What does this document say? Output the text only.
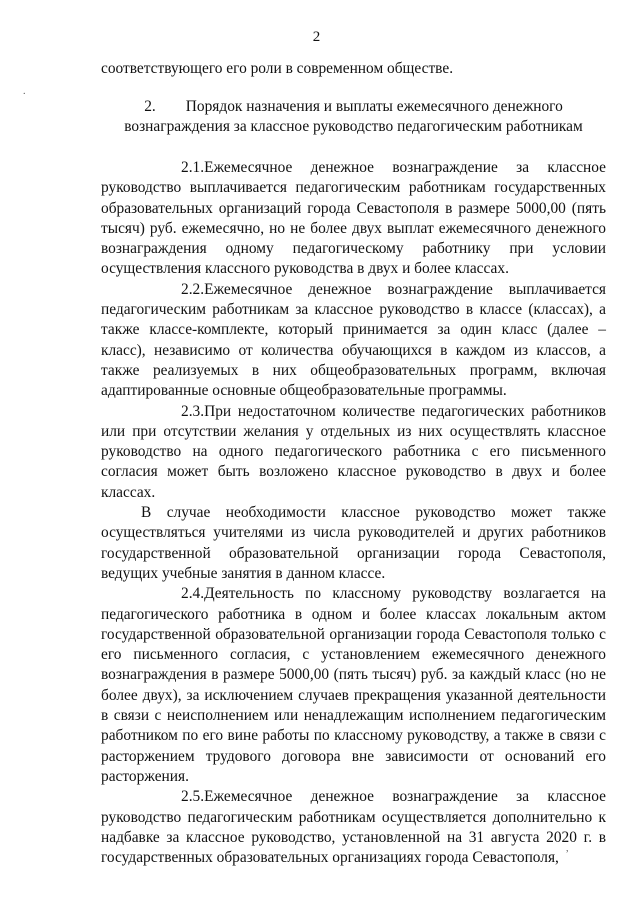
2
.
соответствующего его роли в современном обществе.
2. Порядок назначения и выплаты ежемесячного денежного вознаграждения за классное руководство педагогическим работникам

2.1.Ежемесячное денежное вознаграждение за классное руководство выплачивается педагогическим работникам государственных образовательных организаций города Севастополя в размере 5000,00 (пять тысяч) руб. ежемесячно, но не более двух выплат ежемесячного денежного вознаграждения одному педагогическому работнику при условии осуществления классного руководства в двух и более классах.

2.2.Ежемесячное денежное вознаграждение выплачивается педагогическим работникам за классное руководство в классе (классах), а также классе-комплекте, который принимается за один класс (далее – класс), независимо от количества обучающихся в каждом из классов, а также реализуемых в них общеобразовательных программ, включая адаптированные основные общеобразовательные программы.

2.3.При недостаточном количестве педагогических работников или при отсутствии желания у отдельных из них осуществлять классное руководство на одного педагогического работника с его письменного согласия может быть возложено классное руководство в двух и более классах.

В случае необходимости классное руководство может также осуществляться учителями из числа руководителей и других работников государственной образовательной организации города Севастополя, ведущих учебные занятия в данном классе.

2.4.Деятельность по классному руководству возлагается на педагогического работника в одном и более классах локальным актом государственной образовательной организации города Севастополя только с его письменного согласия, с установлением ежемесячного денежного вознаграждения в размере 5000,00 (пять тысяч) руб. за каждый класс (но не более двух), за исключением случаев прекращения указанной деятельности в связи с неисполнением или ненадлежащим исполнением педагогическим работником по его вине работы по классному руководству, а также в связи с расторжением трудового договора вне зависимости от оснований его расторжения.

2.5.Ежемесячное денежное вознаграждение за классное руководство педагогическим работникам осуществляется дополнительно к надбавке за классное руководство, установленной на 31 августа 2020 г. в государственных образовательных организациях города Севастополя,

,
